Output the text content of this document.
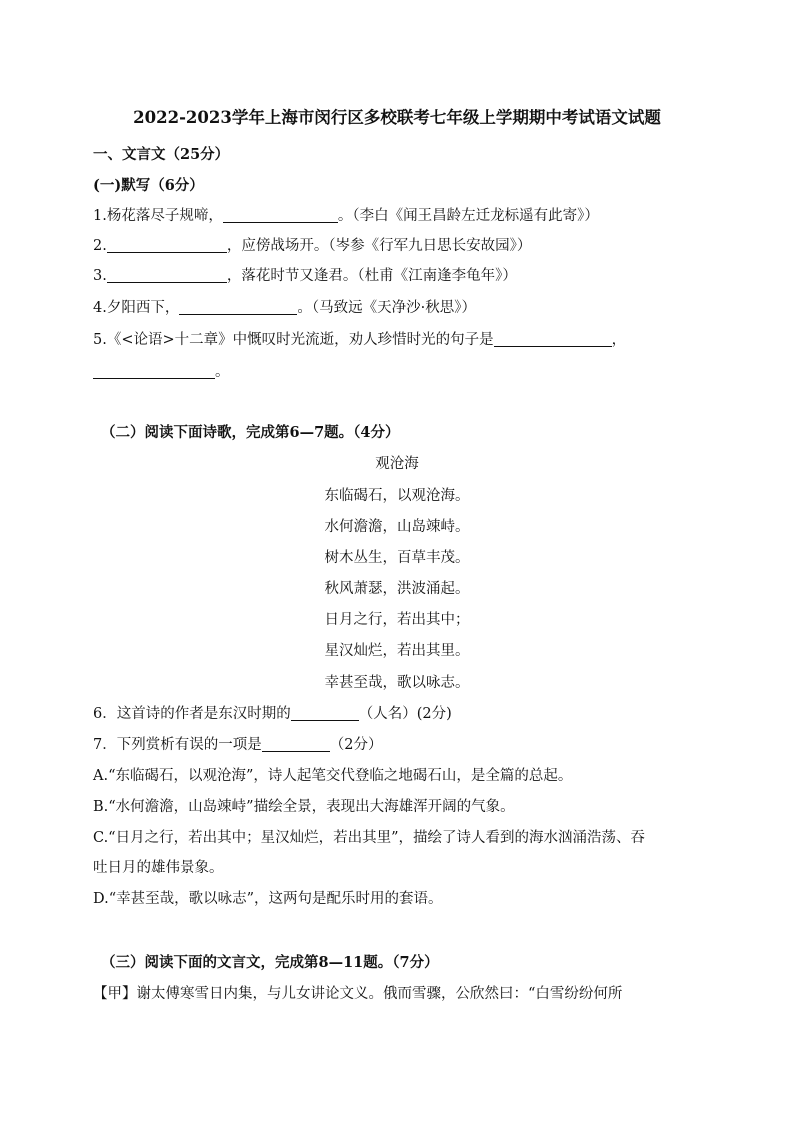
2022-2023学年上海市闵行区多校联考七年级上学期期中考试语文试题
一、文言文（25分）
(一)默写（6分）
1.杨花落尽子规啼，	。（李白《闻王昌龄左迁龙标遥有此寄》）
2.	，应傍战场开。（岑参《行军九日思长安故园》）
3.	，落花时节又逢君。（杜甫《江南逢李龟年》）
4.夕阳西下，	。（马致远《天净沙·秋思》）
5.《<论语>十二章》中慨叹时光流逝，劝人珍惜时光的句子是	，
。
（二）阅读下面诗歌，完成第6—7题。（4分）
观沧海
东临碣石，以观沧海。
水何澹澹，山岛竦峙。
树木丛生，百草丰茂。
秋风萧瑟，洪波涌起。
日月之行，若出其中；
星汉灿烂，若出其里。
幸甚至哉，歌以咏志。
6．这首诗的作者是东汉时期的	（人名）(2分)
7．下列赏析有误的一项是	（2分）
A.“东临碣石，以观沧海”，诗人起笔交代登临之地碣石山，是全篇的总起。
B.“水何澹澹，山岛竦峙”描绘全景，表现出大海雄浑开阔的气象。
C.“日月之行，若出其中；星汉灿烂，若出其里”，描绘了诗人看到的海水汹涌浩荡、吞
吐日月的雄伟景象。
D.“幸甚至哉，歌以咏志”，这两句是配乐时用的套语。
（三）阅读下面的文言文，完成第8—11题。（7分）
【甲】谢太傅寒雪日内集，与儿女讲论文义。俄而雪骤，公欣然曰：“白雪纷纷何所
